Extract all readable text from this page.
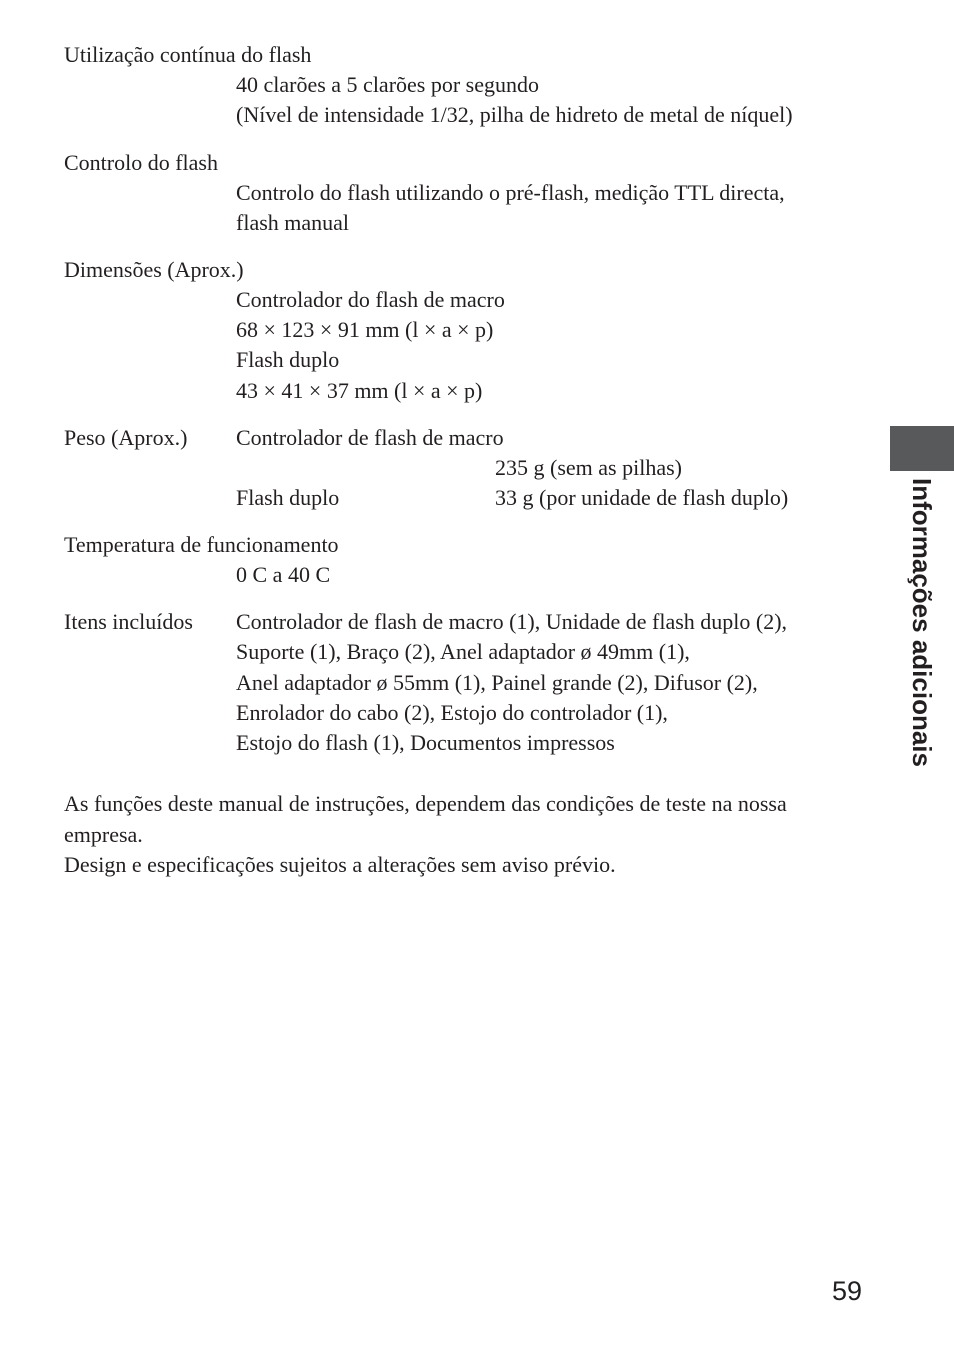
Utilização contínua do flash
40 clarões a 5 clarões por segundo
(Nível de intensidade 1/32, pilha de hidreto de metal de níquel)
Controlo do flash
Controlo do flash utilizando o pré-flash, medição TTL directa,
flash manual
Dimensões (Aprox.)
Controlador do flash de macro
68 × 123 × 91 mm (l × a × p)
Flash duplo
43 × 41 × 37 mm (l × a × p)
Peso (Aprox.) Controlador de flash de macro
235 g (sem as pilhas)
Flash duplo	33 g (por unidade de flash duplo)
Temperatura de funcionamento
0 C a 40 C
Itens incluídos Controlador de flash de macro (1), Unidade de flash duplo (2),
Suporte (1), Braço (2), Anel adaptador ø 49mm (1),
Anel adaptador ø 55mm (1), Painel grande (2), Difusor (2),
Enrolador do cabo (2), Estojo do controlador (1),
Estojo do flash (1), Documentos impressos
As funções deste manual de instruções, dependem das condições de teste na nossa
empresa.
Design e especificações sujeitos a alterações sem aviso prévio.
Informações adicionais
59
